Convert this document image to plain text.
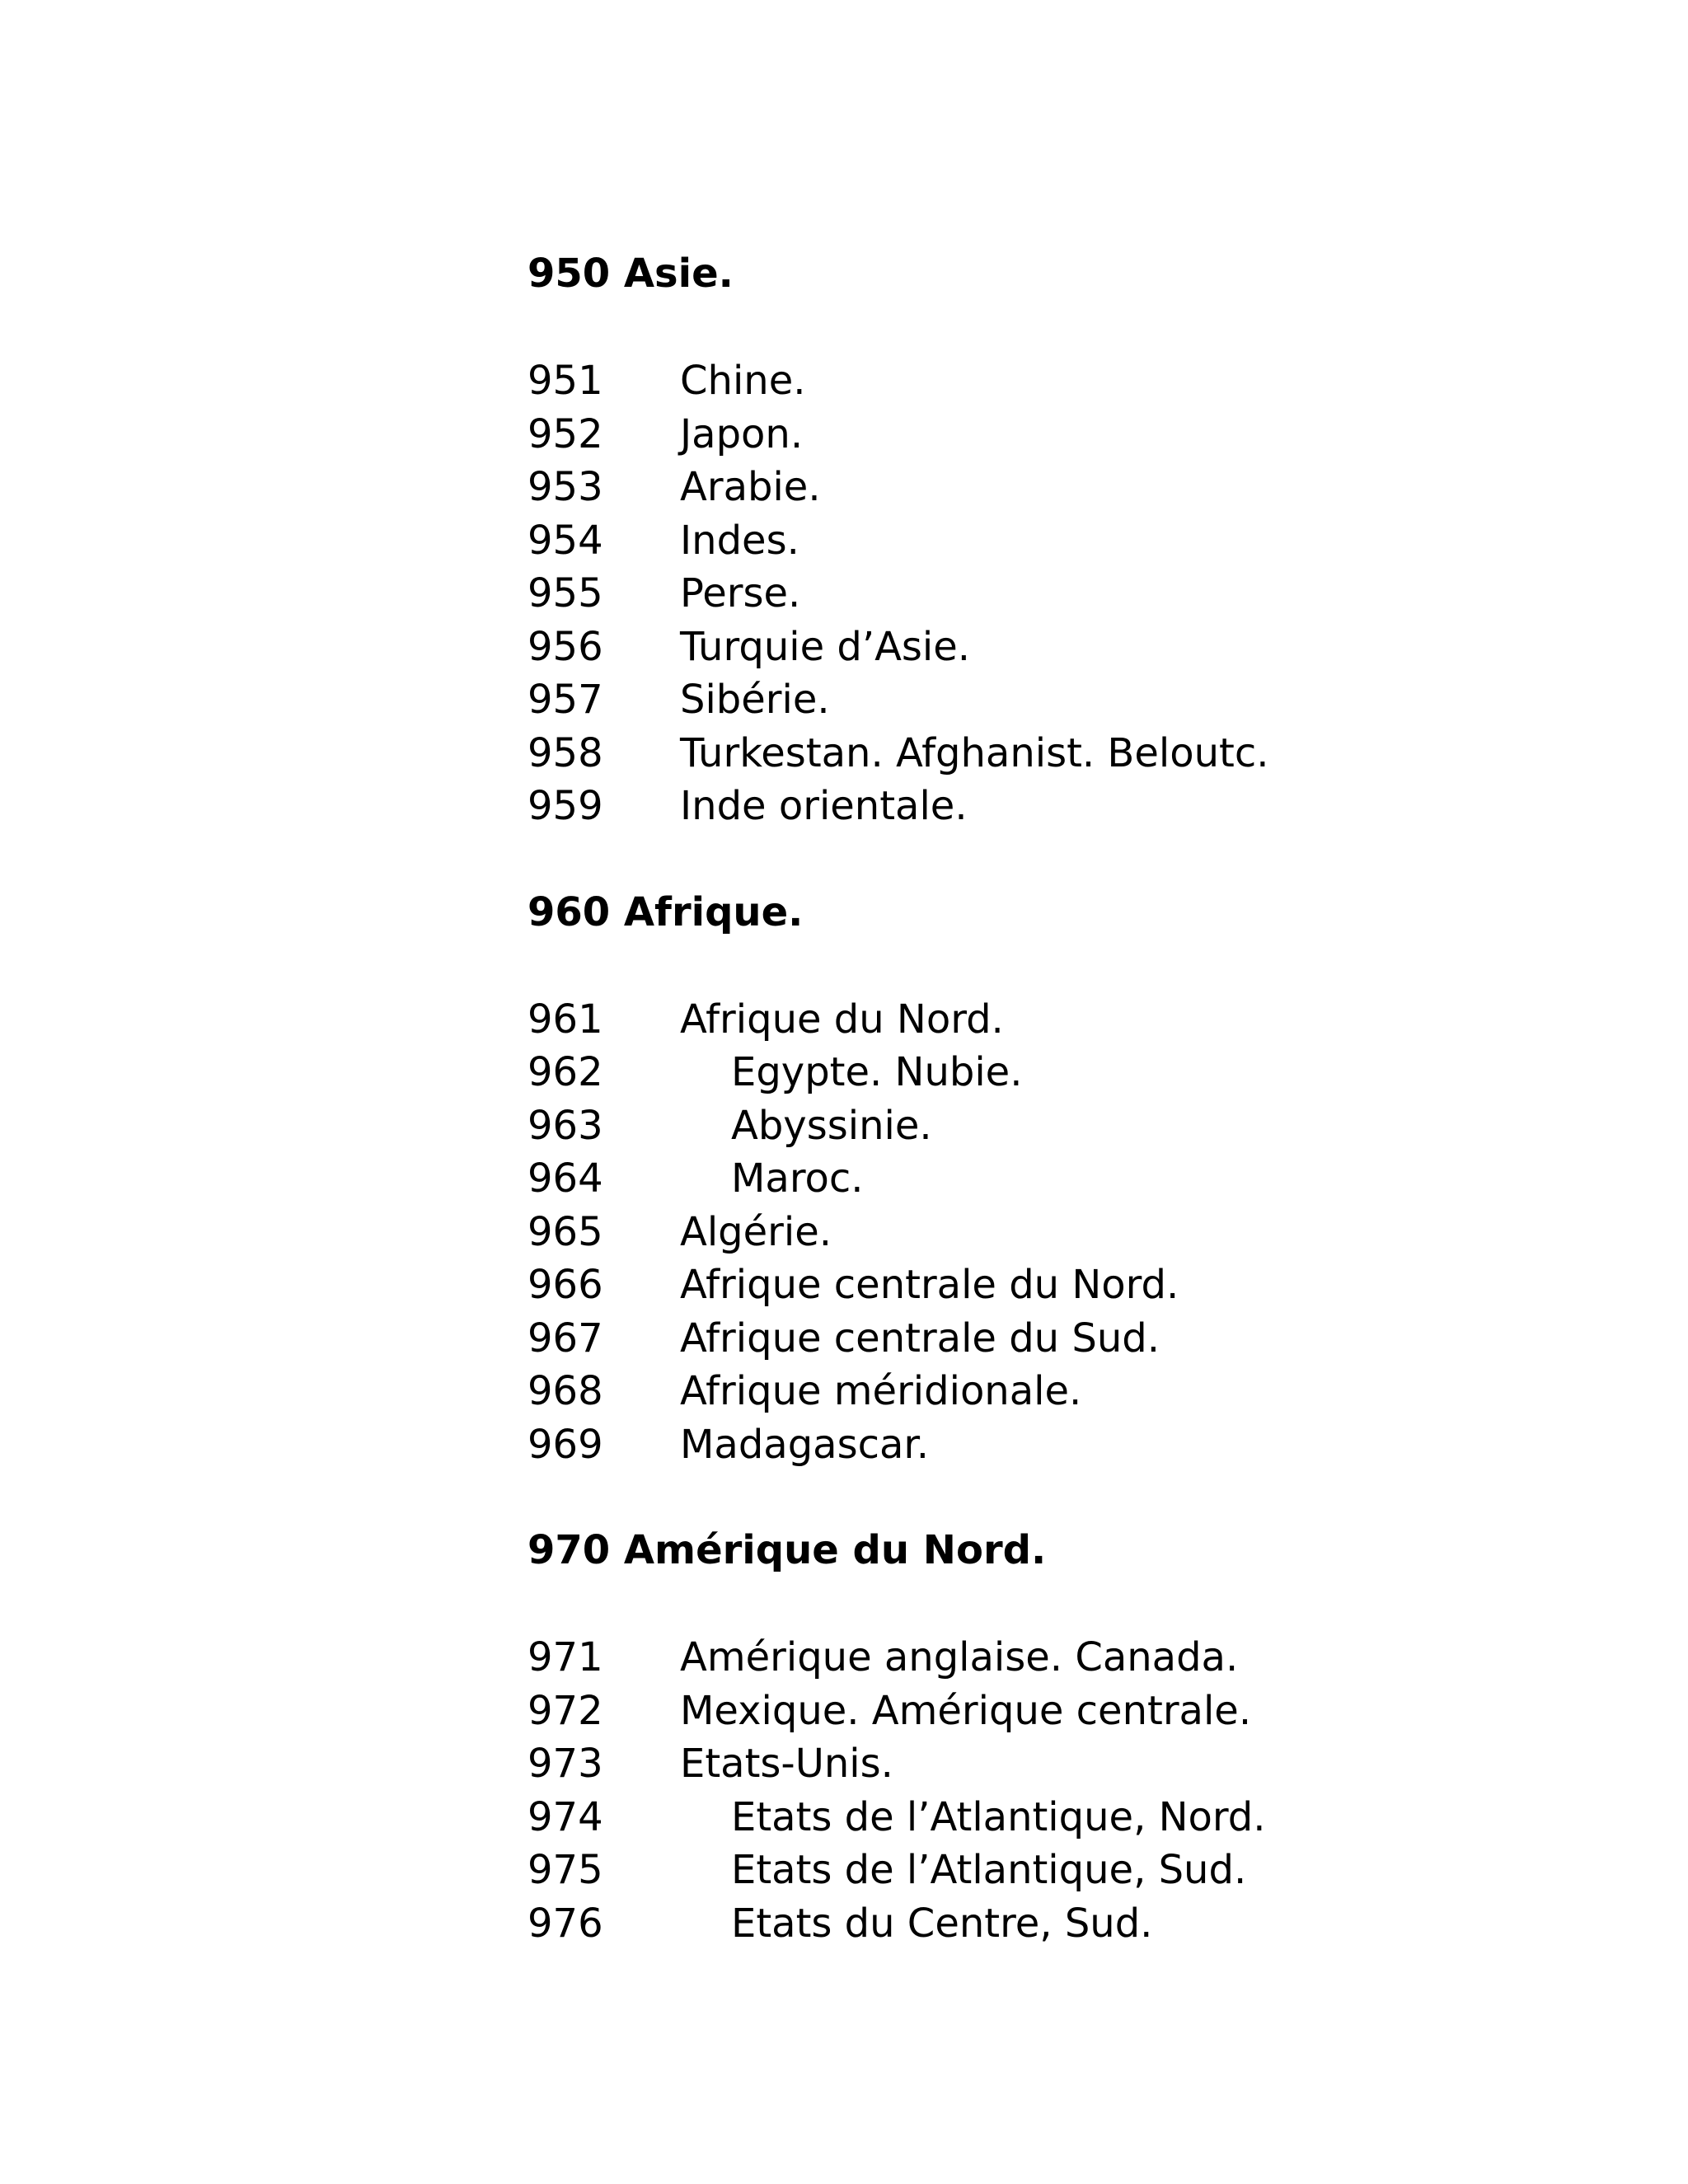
950 Asie.
951	Chine.
952	Japon.
953	Arabie.
954	Indes.
955	Perse.
956	Turquie d’Asie.
957	Sibérie.
958	Turkestan. Afghanist. Beloutc.
959	Inde orientale.
960 Afrique.
961	Afrique du Nord.
962	Egypte. Nubie.
963	Abyssinie.
964	Maroc.
965	Algérie.
966	Afrique centrale du Nord.
967	Afrique centrale du Sud.
968	Afrique méridionale.
969	Madagascar.
970 Amérique du Nord.
971	Amérique anglaise. Canada.
972	Mexique. Amérique centrale.
973	Etats-Unis.
974	Etats de l’Atlantique, Nord.
975	Etats de l’Atlantique, Sud.
976	Etats du Centre, Sud.
